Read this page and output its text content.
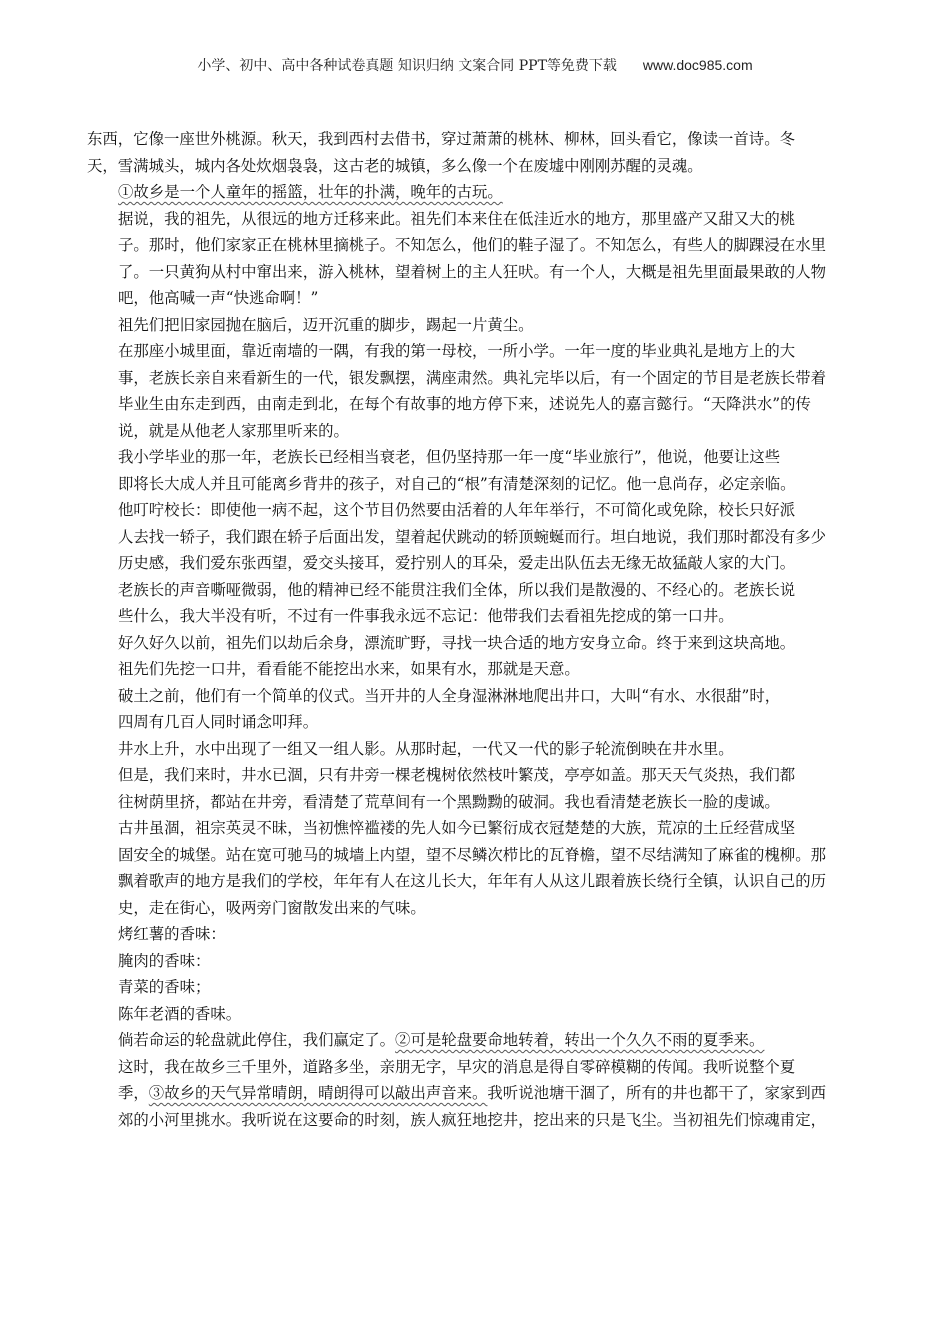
小学、初中、高中各种试卷真题 知识归纳 文案合同 PPT等免费下载 www.doc985.com

东西，它像一座世外桃源。秋天，我到西村去借书，穿过萧萧的桃林、柳林，回头看它，像读一首诗。冬
天，雪满城头，城内各处炊烟袅袅，这古老的城镇，多么像一个在废墟中刚刚苏醒的灵魂。

①故乡是一个人童年的摇篮，壮年的扑满，晚年的古玩。

据说，我的祖先，从很远的地方迁移来此。祖先们本来住在低洼近水的地方，那里盛产又甜又大的桃
子。那时，他们家家正在桃林里摘桃子。不知怎么，他们的鞋子湿了。不知怎么，有些人的脚踝浸在水里
了。一只黄狗从村中窜出来，游入桃林，望着树上的主人狂吠。有一个人，大概是祖先里面最果敢的人物
吧，他高喊一声“快逃命啊！”

祖先们把旧家园抛在脑后，迈开沉重的脚步，踢起一片黄尘。

在那座小城里面，靠近南墙的一隅，有我的第一母校，一所小学。一年一度的毕业典礼是地方上的大
事，老族长亲自来看新生的一代，银发飘摆，满座肃然。典礼完毕以后，有一个固定的节目是老族长带着
毕业生由东走到西，由南走到北，在每个有故事的地方停下来，述说先人的嘉言懿行。“天降洪水”的传
说，就是从他老人家那里听来的。

我小学毕业的那一年，老族长已经相当衰老，但仍坚持那一年一度“毕业旅行”，他说，他要让这些
即将长大成人并且可能离乡背井的孩子，对自己的“根”有清楚深刻的记忆。他一息尚存，必定亲临。

他叮咛校长：即使他一病不起，这个节目仍然要由活着的人年年举行，不可简化或免除，校长只好派
人去找一轿子，我们跟在轿子后面出发，望着起伏跳动的轿顶蜿蜒而行。坦白地说，我们那时都没有多少
历史感，我们爱东张西望，爱交头接耳，爱拧别人的耳朵，爱走出队伍去无缘无故猛敲人家的大门。

老族长的声音嘶哑微弱，他的精神已经不能贯注我们全体，所以我们是散漫的、不经心的。老族长说
些什么，我大半没有听，不过有一件事我永远不忘记：他带我们去看祖先挖成的第一口井。

好久好久以前，祖先们以劫后余身，漂流旷野，寻找一块合适的地方安身立命。终于来到这块高地。
祖先们先挖一口井，看看能不能挖出水来，如果有水，那就是天意。

破土之前，他们有一个简单的仪式。当开井的人全身湿淋淋地爬出井口，大叫“有水、水很甜”时，
四周有几百人同时诵念叩拜。

井水上升，水中出现了一组又一组人影。从那时起，一代又一代的影子轮流倒映在井水里。

但是，我们来时，井水已涸，只有井旁一棵老槐树依然枝叶繁茂，亭亭如盖。那天天气炎热，我们都
往树荫里挤，都站在井旁，看清楚了荒草间有一个黑黝黝的破洞。我也看清楚老族长一脸的虔诚。

古井虽涸，祖宗英灵不昧，当初憔悴褴褛的先人如今已繁衍成衣冠楚楚的大族，荒凉的土丘经营成坚
固安全的城堡。站在宽可驰马的城墙上内望，望不尽鳞次栉比的瓦脊檐，望不尽结满知了麻雀的槐柳。那
飘着歌声的地方是我们的学校，年年有人在这儿长大，年年有人从这儿跟着族长绕行全镇，认识自己的历
史，走在街心，吸两旁门窗散发出来的气味。

烤红薯的香味：

腌肉的香味：

青菜的香味；

陈年老酒的香味。

倘若命运的轮盘就此停住，我们赢定了。②可是轮盘要命地转着，转出一个久久不雨的夏季来。

这时，我在故乡三千里外，道路多坐，亲朋无字，早灾的消息是得自零碎模糊的传闻。我听说整个夏
季，③故乡的天气异常晴朗，晴朗得可以敲出声音来。我听说池塘干涸了，所有的井也都干了，家家到西
郊的小河里挑水。我听说在这要命的时刻，族人疯狂地挖井，挖出来的只是飞尘。当初祖先们惊魂甫定，
